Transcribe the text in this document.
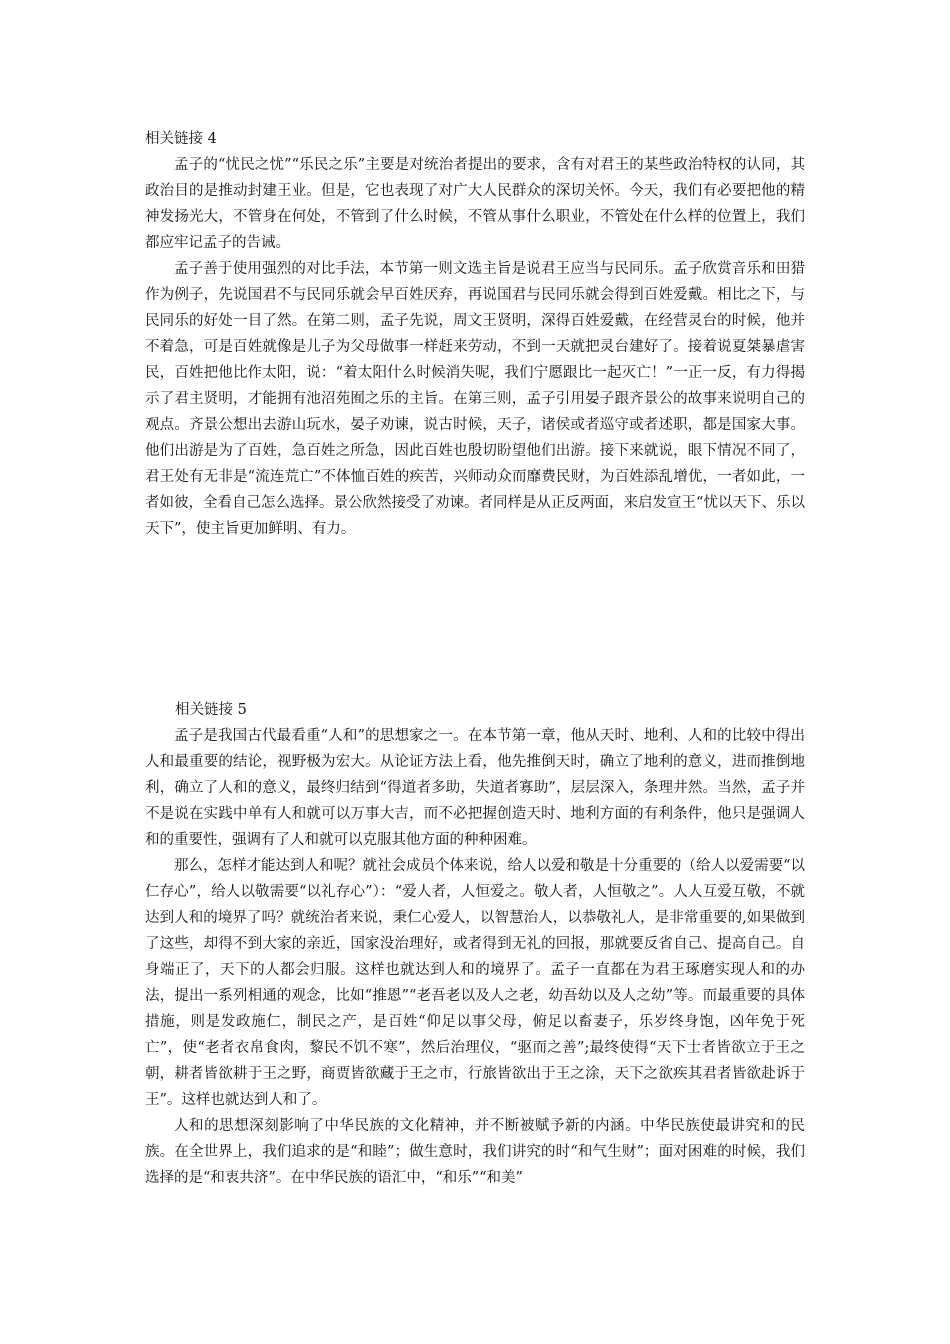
相关链接 4

孟子的“忧民之忧”“乐民之乐”主要是对统治者提出的要求，含有对君王的某些政治特权的认同，其政治目的是推动封建王业。但是，它也表现了对广大人民群众的深切关怀。今天，我们有必要把他的精神发扬光大，不管身在何处，不管到了什么时候，不管从事什么职业，不管处在什么样的位置上，我们都应牢记孟子的告诫。

孟子善于使用强烈的对比手法，本节第一则文选主旨是说君王应当与民同乐。孟子欣赏音乐和田猎作为例子，先说国君不与民同乐就会早百姓厌弃，再说国君与民同乐就会得到百姓爱戴。相比之下，与民同乐的好处一目了然。在第二则，孟子先说，周文王贤明，深得百姓爱戴，在经营灵台的时候，他并不着急，可是百姓就像是儿子为父母做事一样赶来劳动，不到一天就把灵台建好了。接着说夏桀暴虐害民，百姓把他比作太阳，说：“着太阳什么时候消失呢，我们宁愿跟比一起灭亡！”一正一反，有力得揭示了君主贤明，才能拥有池沼苑囿之乐的主旨。在第三则，孟子引用晏子跟齐景公的故事来说明自己的观点。齐景公想出去游山玩水，晏子劝谏，说古时候，天子，诸侯或者巡守或者述职，都是国家大事。他们出游是为了百姓，急百姓之所急，因此百姓也殷切盼望他们出游。接下来就说，眼下情况不同了，君王处有无非是“流连荒亡”不体恤百姓的疾苦，兴师动众而靡费民财，为百姓添乱增优，一者如此，一者如彼，全看自己怎么选择。景公欣然接受了劝谏。者同样是从正反两面，来启发宣王“忧以天下、乐以天下”，使主旨更加鲜明、有力。

相关链接 5

孟子是我国古代最看重“人和”的思想家之一。在本节第一章，他从天时、地利、人和的比较中得出人和最重要的结论，视野极为宏大。从论证方法上看，他先推倒天时，确立了地利的意义，进而推倒地利，确立了人和的意义，最终归结到“得道者多助，失道者寡助”，层层深入，条理井然。当然，孟子并不是说在实践中单有人和就可以万事大吉，而不必把握创造天时、地利方面的有利条件，他只是强调人和的重要性，强调有了人和就可以克服其他方面的种种困难。

那么，怎样才能达到人和呢？就社会成员个体来说，给人以爱和敬是十分重要的（给人以爱需要“以仁存心”，给人以敬需要“以礼存心”）：“爱人者，人恒爱之。敬人者，人恒敬之”。人人互爱互敬，不就达到人和的境界了吗？就统治者来说，秉仁心爱人，以智慧治人，以恭敬礼人，是非常重要的,如果做到了这些，却得不到大家的亲近，国家没治理好，或者得到无礼的回报，那就要反省自己、提高自己。自身端正了，天下的人都会归服。这样也就达到人和的境界了。孟子一直都在为君王琢磨实现人和的办法，提出一系列相通的观念，比如“推恩”“老吾老以及人之老，幼吾幼以及人之幼”等。而最重要的具体措施，则是发政施仁，制民之产，是百姓“仰足以事父母，俯足以畜妻子，乐岁终身饱，凶年免于死亡”，使“老者衣帛食肉，黎民不饥不寒”，然后治理仪，“驱而之善”;最终使得“天下士者皆欲立于王之朝，耕者皆欲耕于王之野，商贾皆欲藏于王之市，行旅皆欲出于王之涂，天下之欲疾其君者皆欲赴诉于王”。这样也就达到人和了。

人和的思想深刻影响了中华民族的文化精神，并不断被赋予新的内涵。中华民族使最讲究和的民族。在全世界上，我们追求的是“和睦”；做生意时，我们讲究的时“和气生财”；面对困难的时候，我们选择的是“和衷共济”。在中华民族的语汇中，“和乐”“和美”
